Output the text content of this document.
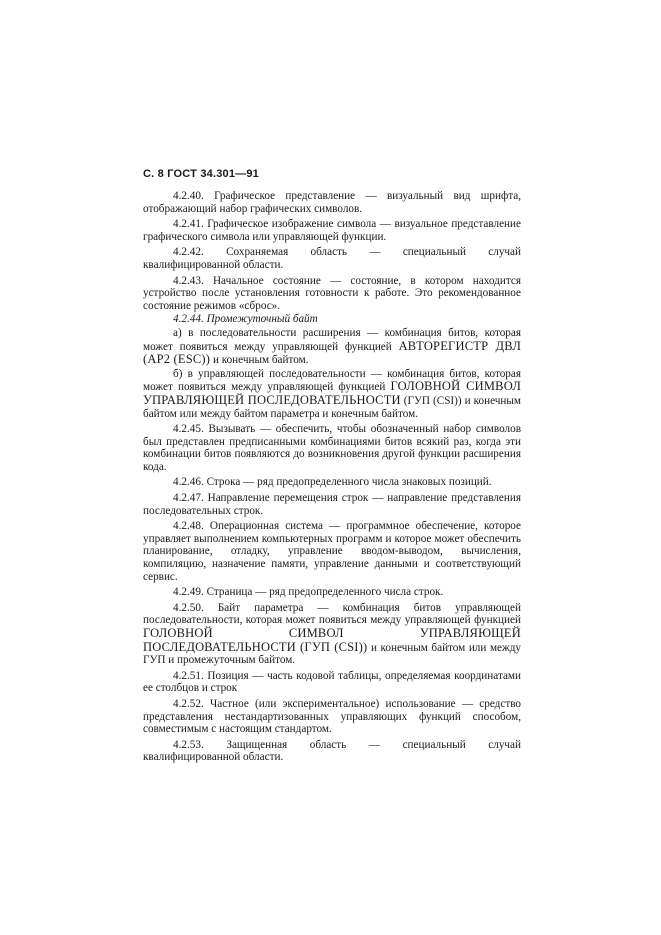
С. 8 ГОСТ 34.301—91

4.2.40. Графическое представление — визуальный вид шрифта, отображающий набор графических символов.

4.2.41. Графическое изображение символа — визуальное представление графического символа или управляющей функции.

4.2.42. Сохраняемая область — специальный случай квалифицированной области.

4.2.43. Начальное состояние — состояние, в котором находится устройство после установления готовности к работе. Это рекомендованное состояние режимов «сброс».

4.2.44. Промежуточный байт

а) в последовательности расширения — комбинация битов, которая может появиться между управляющей функцией АВТОРЕГИСТР ДВЛ (АР2 (ESC)) и конечным байтом.

б) в управляющей последовательности — комбинация битов, которая может появиться между управляющей функцией ГОЛОВНОЙ СИМВОЛ УПРАВЛЯЮЩЕЙ ПОСЛЕДОВАТЕЛЬНОСТИ (ГУП (CSI)) и конечным байтом или между байтом параметра и конечным байтом.

4.2.45. Вызывать — обеспечить, чтобы обозначенный набор символов был представлен предписанными комбинациями битов всякий раз, когда эти комбинации битов появляются до возникновения другой функции расширения кода.

4.2.46. Строка — ряд предопределенного числа знаковых позиций.

4.2.47. Направление перемещения строк — направление представления последовательных строк.

4.2.48. Операционная система — программное обеспечение, которое управляет выполнением компьютерных программ и которое может обеспечить планирование, отладку, управление вводом-выводом, вычисления, компиляцию, назначение памяти, управление данными и соответствующий сервис.

4.2.49. Страница — ряд предопределенного числа строк.

4.2.50. Байт параметра — комбинация битов управляющей последовательности, которая может появиться между управляющей функцией ГОЛОВНОЙ СИМВОЛ УПРАВЛЯЮЩЕЙ ПОСЛЕДОВАТЕЛЬНОСТИ (ГУП (CSI)) и конечным байтом или между ГУП и промежуточным байтом.

4.2.51. Позиция — часть кодовой таблицы, определяемая координатами ее столбцов и строк

4.2.52. Частное (или экспериментальное) использование — средство представления нестандартизованных управляющих функций способом, совместимым с настоящим стандартом.

4.2.53. Защищенная область — специальный случай квалифицированной области.
